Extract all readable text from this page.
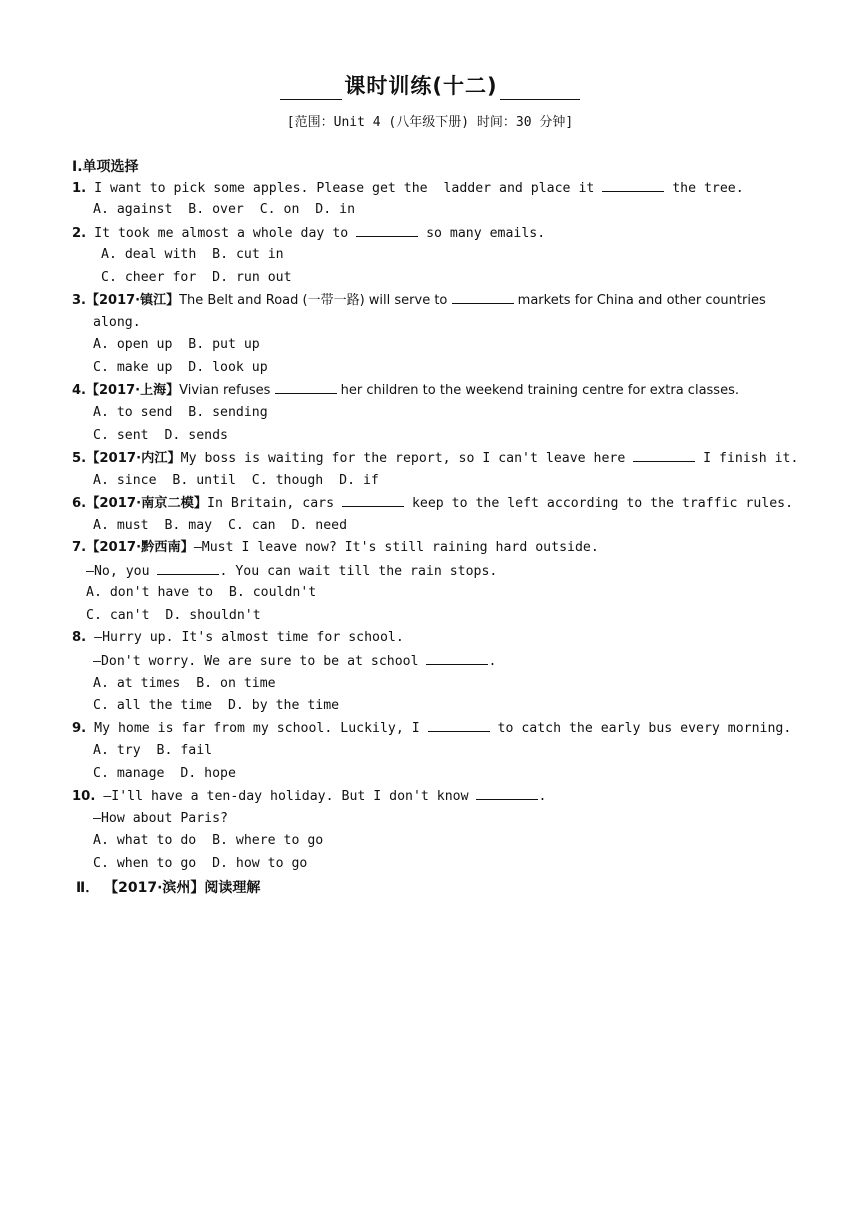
课时训练(十二)
[范围：Unit 4 (八年级下册) 时间：30 分钟]
Ⅰ.单项选择
1. I want to pick some apples. Please get the  ladder and place it	the tree.
A. against  B. over  C. on  D. in
2. It took me almost a whole day to	so many emails.
A. deal with  B. cut in
C. cheer for  D. run out
3.【2017·镇江】The Belt and Road (一带一路) will serve to	markets for China and other countries
along.
A. open up  B. put up
C. make up  D. look up
4.【2017·上海】Vivian refuses	her children to the weekend training centre for extra classes.
A. to send  B. sending
C. sent  D. sends
5.【2017·内江】My boss is waiting for the report, so I can't leave here	I finish it.
A. since  B. until  C. though  D. if
6.【2017·南京二模】In Britain, cars	keep to the left according to the traffic rules.
A. must  B. may  C. can  D. need
7.【2017·黔西南】—Must I leave now? It's still raining hard outside.
—No, you	. You can wait till the rain stops.
A. don't have to  B. couldn't
C. can't  D. shouldn't
8. —Hurry up. It's almost time for school.
—Don't worry. We are sure to be at school	.
A. at times  B. on time
C. all the time  D. by the time
9. My home is far from my school. Luckily, I	to catch the early bus every morning.
A. try  B. fail
C. manage  D. hope
10. —I'll have a ten-day holiday. But I don't know	.
—How about Paris?
A. what to do  B. where to go
C. when to go  D. how to go
Ⅱ． 【2017·滨州】阅读理解
